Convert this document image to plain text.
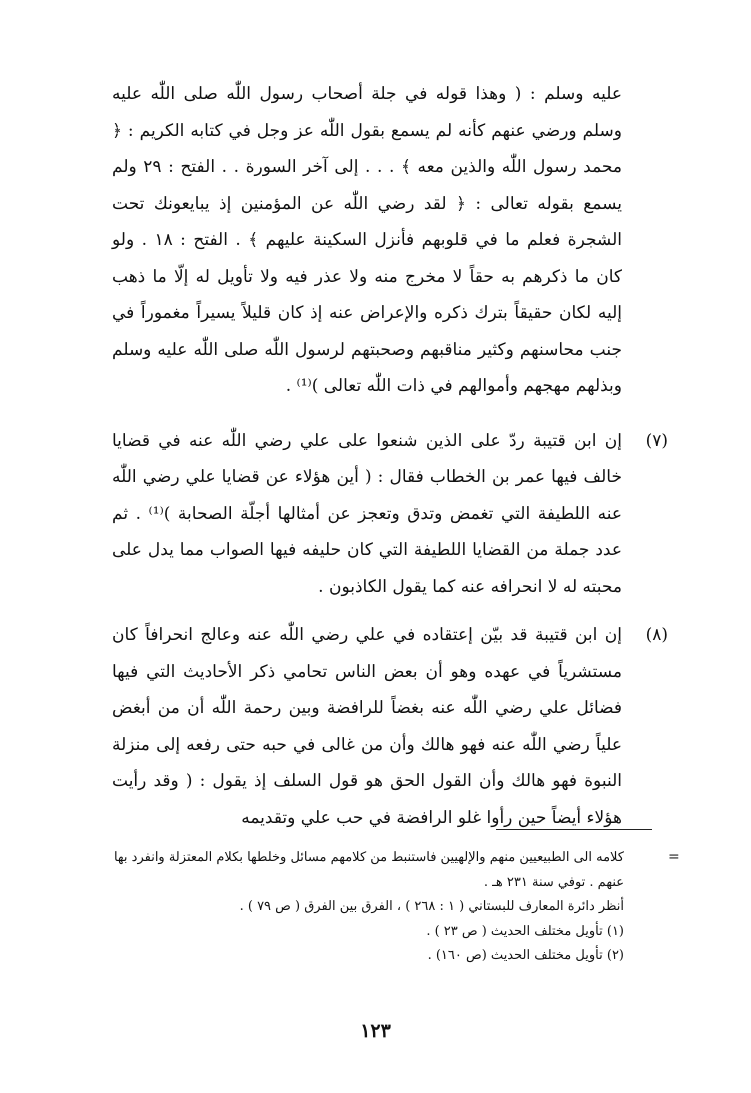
عليه وسلم : ( وهذا قوله في جلة أصحاب رسول اللّٰه صلى اللّٰه عليه وسلم ورضي عنهم كأنه لم يسمع بقول اللّٰه عز وجل في كتابه الكريم : ﴿ محمد رسول اللّٰه والذين معه ﴾ . . . إلى آخر السورة . . الفتح : ٢٩ ولم يسمع بقوله تعالى : ﴿ لقد رضي اللّٰه عن المؤمنين إذ يبايعونك تحت الشجرة فعلم ما في قلوبهم فأنزل السكينة عليهم ﴾ . الفتح : ١٨ . ولو كان ما ذكرهم به حقاً لا مخرج منه ولا عذر فيه ولا تأويل له إلّا ما ذهب إليه لكان حقيقاً بترك ذكره والإعراض عنه إذ كان قليلاً يسيراً مغموراً في جنب محاسنهم وكثير مناقبهم وصحبتهم لرسول اللّٰه صلى اللّٰه عليه وسلم وبذلهم مهجهم وأموالهم في ذات اللّٰه تعالى )⁽¹⁾ .

(٧)
إن ابن قتيبة ردّ على الذين شنعوا على علي رضي اللّٰه عنه في قضايا خالف فيها عمر بن الخطاب فقال : ( أين هؤلاء عن قضايا علي رضي اللّٰه عنه اللطيفة التي تغمض وتدق وتعجز عن أمثالها أجلّة الصحابة )⁽¹⁾ . ثم عدد جملة من القضايا اللطيفة التي كان حليفه فيها الصواب مما يدل على محبته له لا انحرافه عنه كما يقول الكاذبون .

(٨)
إن ابن قتيبة قد بيّن إعتقاده في علي رضي اللّٰه عنه وعالج انحرافاً كان مستشرياً في عهده وهو أن بعض الناس تحامي ذكر الأحاديث التي فيها فضائل علي رضي اللّٰه عنه بغضاً للرافضة وبين رحمة اللّٰه أن من أبغض علياً رضي اللّٰه عنه فهو هالك وأن من غالى في حبه حتى رفعه إلى منزلة النبوة فهو هالك وأن القول الحق هو قول السلف إذ يقول : ( وقد رأيت هؤلاء أيضاً حين رأوا غلو الرافضة في حب علي وتقديمه

=

كلامه الى الطبيعيين منهم والإلهيين فاستنبط من كلامهم مسائل وخلطها بكلام المعتزلة وانفرد بها عنهم . توفي سنة ٢٣١ هـ .

أنظر دائرة المعارف للبستاني ( ١ : ٢٦٨ ) ، الفرق بين الفرق ( ص ٧٩ ) .

(١) تأويل مختلف الحديث ( ص ٢٣ ) .

(٢) تأويل مختلف الحديث (ص ١٦٠) .

١٢٣
